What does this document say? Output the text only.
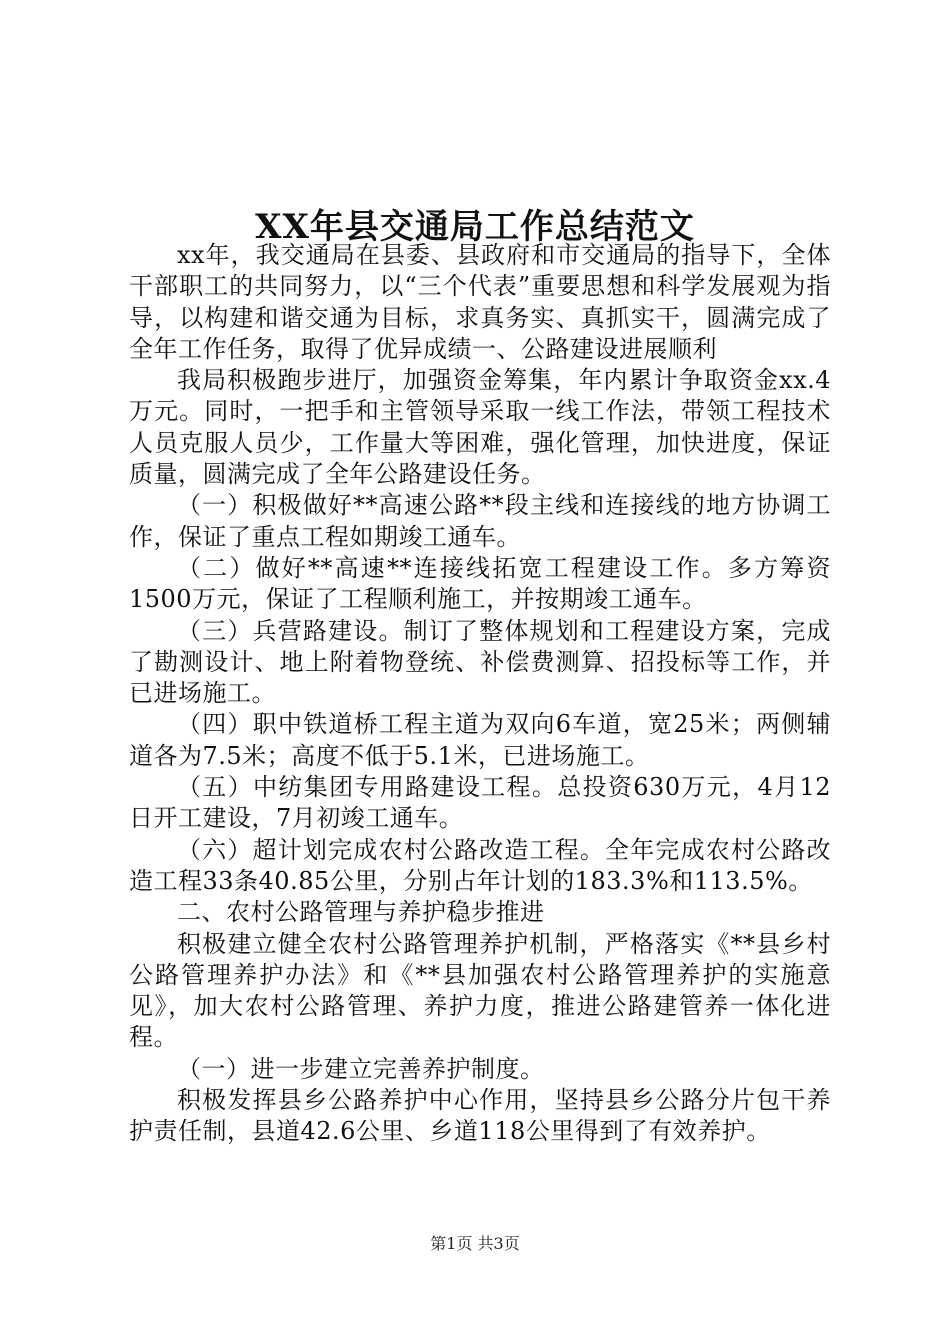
XX年县交通局工作总结范文

xx年，我交通局在县委、县政府和市交通局的指导下，全体干部职工的共同努力，以“三个代表”重要思想和科学发展观为指导，以构建和谐交通为目标，求真务实、真抓实干，圆满完成了全年工作任务，取得了优异成绩一、公路建设进展顺利

我局积极跑步进厅，加强资金筹集，年内累计争取资金xx.4万元。同时，一把手和主管领导采取一线工作法，带领工程技术人员克服人员少，工作量大等困难，强化管理，加快进度，保证质量，圆满完成了全年公路建设任务。

（一）积极做好**高速公路**段主线和连接线的地方协调工作，保证了重点工程如期竣工通车。

（二）做好**高速**连接线拓宽工程建设工作。多方筹资1500万元，保证了工程顺利施工，并按期竣工通车。

（三）兵营路建设。制订了整体规划和工程建设方案，完成了勘测设计、地上附着物登统、补偿费测算、招投标等工作，并已进场施工。

（四）职中铁道桥工程主道为双向6车道，宽25米；两侧辅道各为7.5米；高度不低于5.1米，已进场施工。

（五）中纺集团专用路建设工程。总投资630万元，4月12日开工建设，7月初竣工通车。

（六）超计划完成农村公路改造工程。全年完成农村公路改造工程33条40.85公里，分别占年计划的183.3%和113.5%。

二、农村公路管理与养护稳步推进

积极建立健全农村公路管理养护机制，严格落实《**县乡村公路管理养护办法》和《**县加强农村公路管理养护的实施意见》，加大农村公路管理、养护力度，推进公路建管养一体化进程。

（一）进一步建立完善养护制度。

积极发挥县乡公路养护中心作用，坚持县乡公路分片包干养护责任制，县道42.6公里、乡道118公里得到了有效养护。

第1页 共3页
